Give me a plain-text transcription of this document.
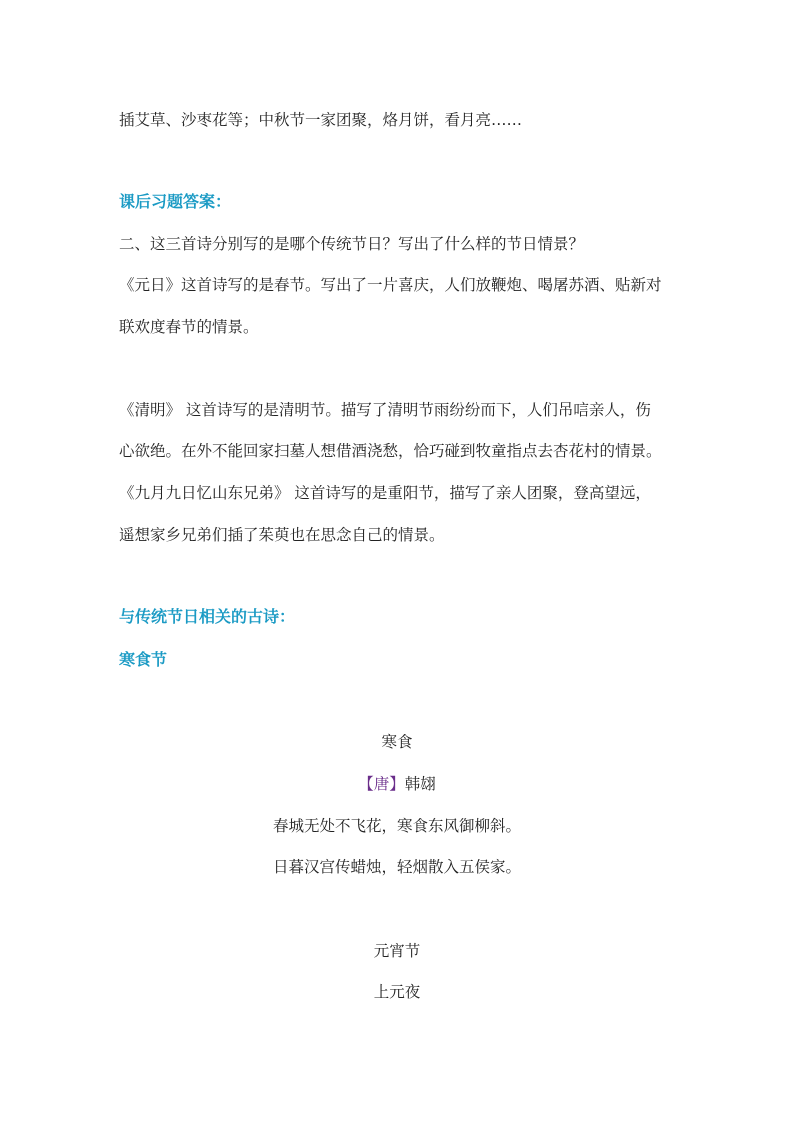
插艾草、沙枣花等；中秋节一家团聚，烙月饼，看月亮……
课后习题答案：
二、这三首诗分别写的是哪个传统节日？写出了什么样的节日情景？
《元日》这首诗写的是春节。写出了一片喜庆，人们放鞭炮、喝屠苏酒、贴新对
联欢度春节的情景。
《清明》 这首诗写的是清明节。描写了清明节雨纷纷而下，人们吊唁亲人，伤
心欲绝。在外不能回家扫墓人想借酒浇愁，恰巧碰到牧童指点去杏花村的情景。
《九月九日忆山东兄弟》 这首诗写的是重阳节，描写了亲人团聚，登高望远，
遥想家乡兄弟们插了茱萸也在思念自己的情景。
与传统节日相关的古诗：
寒食节
寒食
【唐】韩翃
春城无处不飞花，寒食东风御柳斜。
日暮汉宫传蜡烛，轻烟散入五侯家。
元宵节
上元夜
